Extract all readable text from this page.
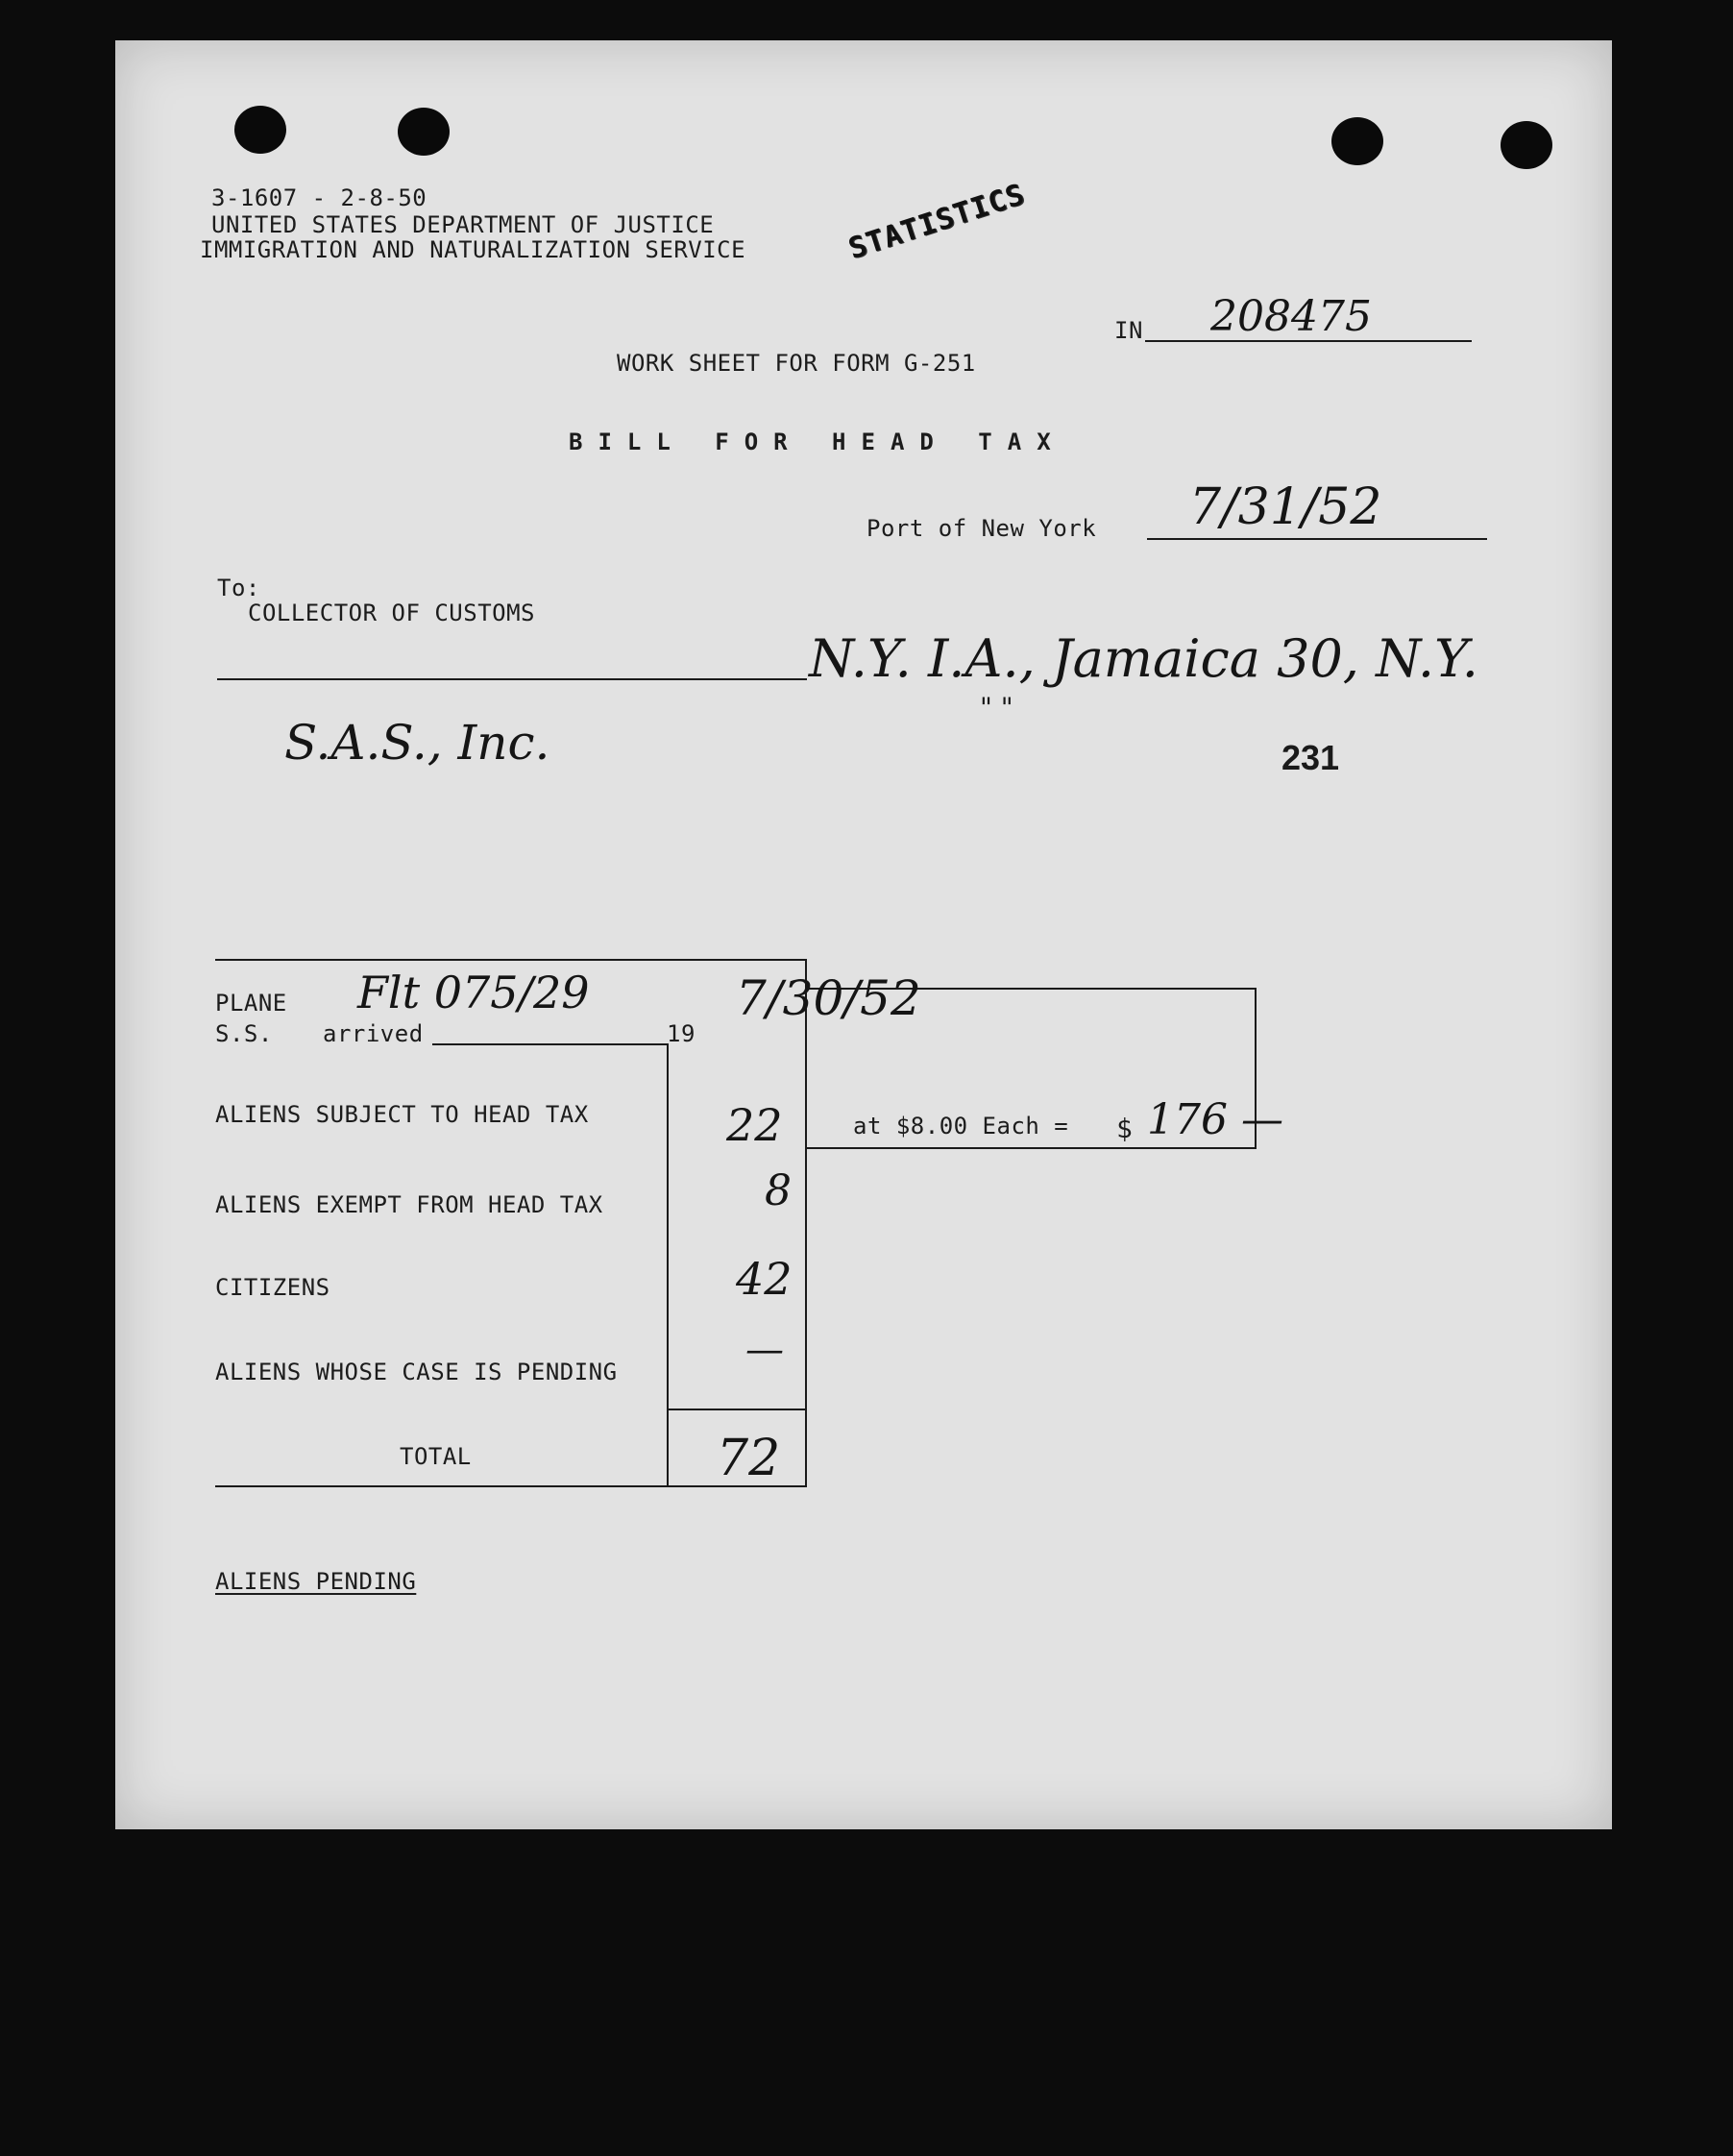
3-1607 - 2-8-50
UNITED STATES DEPARTMENT OF JUSTICE
IMMIGRATION AND NATURALIZATION SERVICE	STATISTICS
IN 208475
WORK SHEET FOR FORM G-251
BILL FOR HEAD TAX
Port of New York 7/31/52
To:
COLLECTOR OF CUSTOMS
N.Y. I.A., Jamaica 30, N.Y.
" "
S.A.S., Inc.	231
PLANE
S.S. arrived	19
Flt 075/29	7/30/52
ALIENS SUBJECT TO HEAD TAX	22
ALIENS EXEMPT FROM HEAD TAX	8
CITIZENS	42
ALIENS WHOSE CASE IS PENDING	—
at $8.00 Each = $ 176 —
TOTAL	72
ALIENS PENDING
